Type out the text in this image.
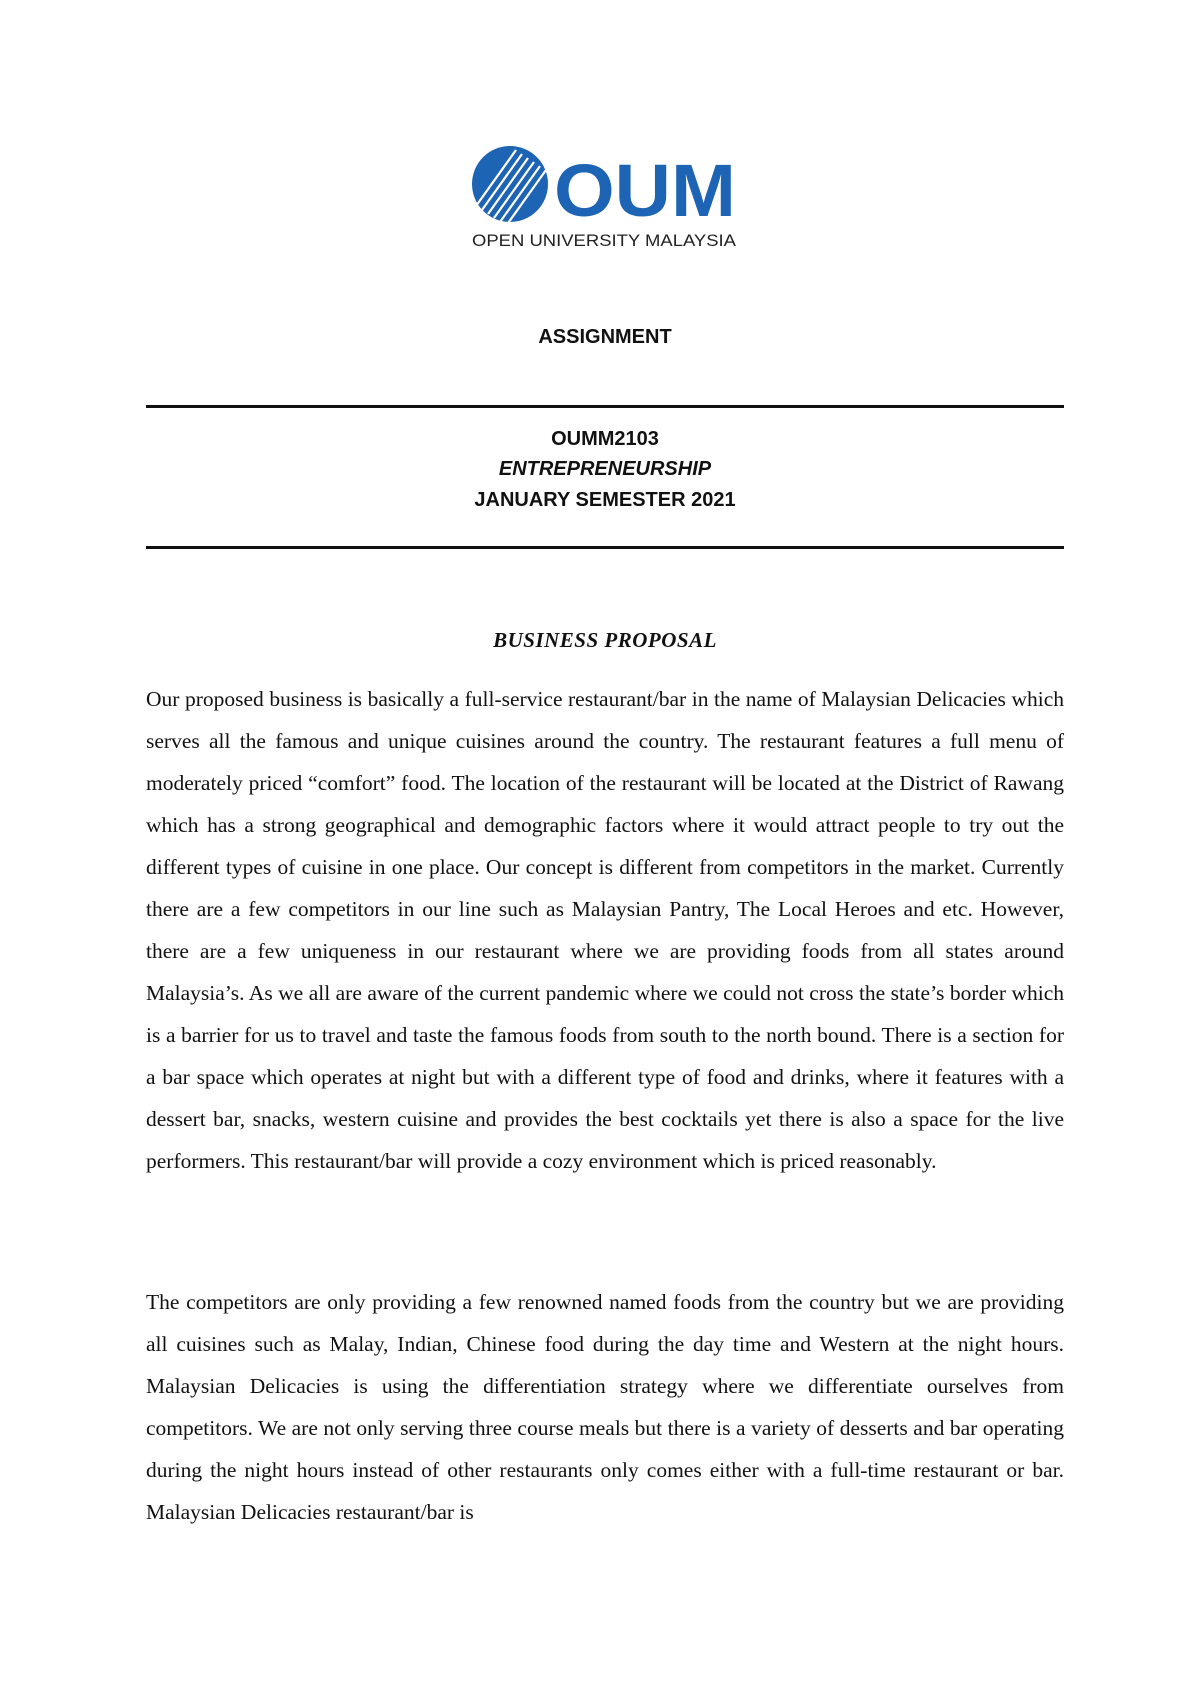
OUM
OPEN UNIVERSITY MALAYSIA
ASSIGNMENT
OUMM2103
ENTREPRENEURSHIP
JANUARY SEMESTER 2021
BUSINESS PROPOSAL

Our proposed business is basically a full-service restaurant/bar in the name of Malaysian Delicacies which serves all the famous and unique cuisines around the country. The restaurant features a full menu of moderately priced “comfort” food. The location of the restaurant will be located at the District of Rawang which has a strong geographical and demographic factors where it would attract people to try out the different types of cuisine in one place. Our concept is different from competitors in the market. Currently there are a few competitors in our line such as Malaysian Pantry, The Local Heroes and etc. However, there are a few uniqueness in our restaurant where we are providing foods from all states around Malaysia’s. As we all are aware of the current pandemic where we could not cross the state’s border which is a barrier for us to travel and taste the famous foods from south to the north bound. There is a section for a bar space which operates at night but with a different type of food and drinks, where it features with a dessert bar, snacks, western cuisine and provides the best cocktails yet there is also a space for the live performers. This restaurant/bar will provide a cozy environment which is priced reasonably.

The competitors are only providing a few renowned named foods from the country but we are providing all cuisines such as Malay, Indian, Chinese food during the day time and Western at the night hours. Malaysian Delicacies is using the differentiation strategy where we differentiate ourselves from competitors. We are not only serving three course meals but there is a variety of desserts and bar operating during the night hours instead of other restaurants only comes either with a full-time restaurant or bar. Malaysian Delicacies restaurant/bar is
